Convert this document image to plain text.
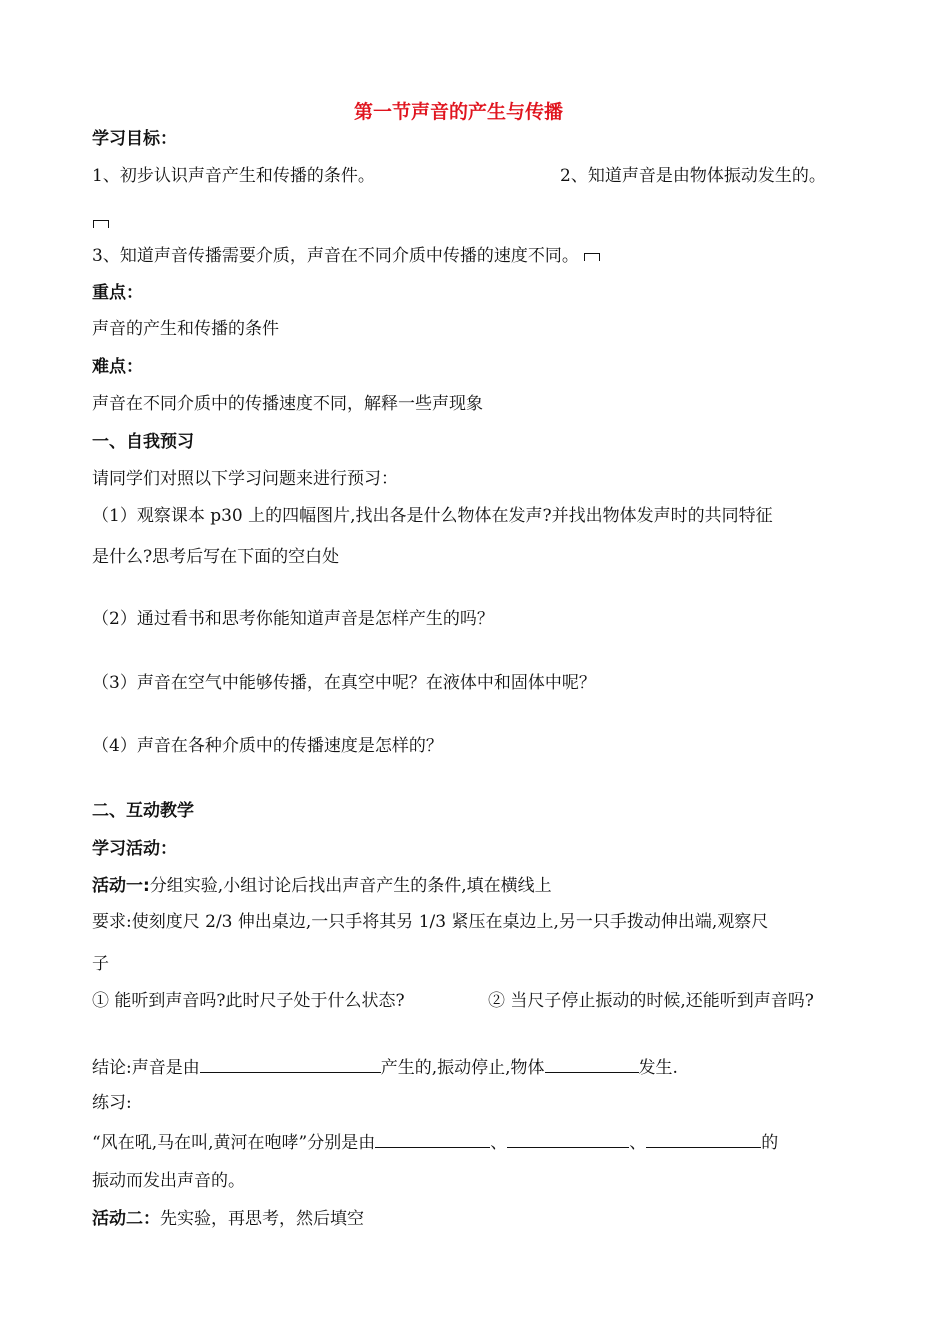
第一节声音的产生与传播
学习目标：
1、初步认识声音产生和传播的条件。	2、知道声音是由物体振动发生的。
3、知道声音传播需要介质，声音在不同介质中传播的速度不同。
重点：
声音的产生和传播的条件
难点：
声音在不同介质中的传播速度不同，解释一些声现象
一、自我预习
请同学们对照以下学习问题来进行预习：
（1）观察课本 p30 上的四幅图片,找出各是什么物体在发声?并找出物体发声时的共同特征
是什么?思考后写在下面的空白处
（2）通过看书和思考你能知道声音是怎样产生的吗？
（3）声音在空气中能够传播，在真空中呢？在液体中和固体中呢？
（4）声音在各种介质中的传播速度是怎样的？
二、互动教学
学习活动：
活动一:分组实验,小组讨论后找出声音产生的条件,填在横线上
要求:使刻度尺 2/3 伸出桌边,一只手将其另 1/3 紧压在桌边上,另一只手拨动伸出端,观察尺
子
① 能听到声音吗?此时尺子处于什么状态?	② 当尺子停止振动的时候,还能听到声音吗?
结论:声音是由	产生的,振动停止,物体	发生.
练习:
“风在吼,马在叫,黄河在咆哮”分别是由	、	、	的
振动而发出声音的。
活动二：先实验，再思考，然后填空
